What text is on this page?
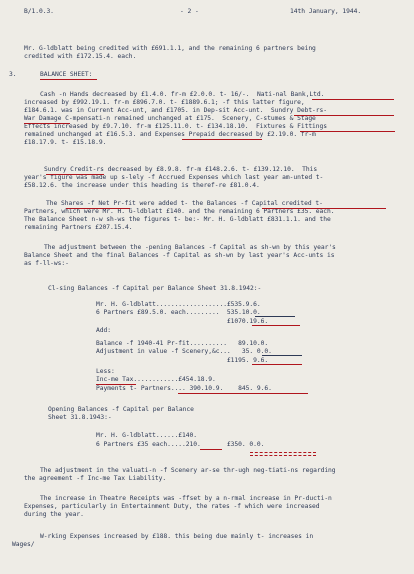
B/1.0.3.	- 2 -	14th January, 1944.
Mr. G-ldblatt being credited with £691.1.1, and the remaining 6 partners being
credited with £172.15.4. each.
3.	BALANCE SHEET:
Cash -n Hands decreased by £1.4.0. fr-m £2.0.0. t- 16/-.  Nati-nal Bank,Ltd.
increased by £992.19.1. fr-m £896.7.0. t- £1889.6.1; -f this latter figure,
£184.6.1. was in Current Acc-unt, and £1705. in Dep-sit Acc-unt.  Sundry Debt-rs-
War Damage C-mpensati-n remained unchanged at £175.  Scenery, C-stumes & Stage
Effects increased by £9.7.10. fr-m £125.11.0. t- £134.18.10.  Fixtures & Fittings
remained unchanged at £16.5.3. and Expenses Prepaid decreased by £2.19.0. fr-m
£18.17.9. t- £15.18.9.
Sundry Credit-rs decreased by £8.9.8. fr-m £148.2.6. t- £139.12.10.  This
year's figure was made up s-lely -f Accrued Expenses which last year am-unted t-
£58.12.6. the increase under this heading is theref-re £81.0.4.
The Shares -f Net Pr-fit were added t- the Balances -f Capital credited t-
Partners, which were Mr. H. G-ldblatt £140. and the remaining 6 Partners £35. each.
The Balance Sheet n-w sh-ws the figures t- be:- Mr. H. G-ldblatt £831.1.1. and the
remaining Partners £207.15.4.
The adjustment between the -pening Balances -f Capital as sh-wn by this year's
Balance Sheet and the final Balances -f Capital as sh-wn by last year's Acc-unts is
as f-ll-ws:-
Cl-sing Balances -f Capital per Balance Sheet 31.8.1942:-
Mr. H. G-ldblatt...................£535.9.6.
6 Partners £89.5.0. each.........  535.10.0.
£1070.19.6.
Add:
Balance -f 1940-41 Pr-fit..........   89.10.0.
Adjustment in value -f Scenery,&c...   35. 0.0.
£1195. 9.6.
Less:
Inc-me Tax............£454.18.9.
Payments t- Partners.... 390.10.9.    845. 9.6.
Opening Balances -f Capital per Balance
Sheet 31.8.1943:-
Mr. H. G-ldblatt......£140.
6 Partners £35 each.....210.       £350. 0.0.
The adjustment in the valuati-n -f Scenery ar-se thr-ugh neg-tiati-ns regarding
the agreement -f Inc-me Tax Liability.
The increase in Theatre Receipts was -ffset by a n-rmal increase in Pr-ducti-n
Expenses, particularly in Entertainment Duty, the rates -f which were increased
during the year.
W-rking Expenses increased by £188. this being due mainly t- increases in
Wages/
